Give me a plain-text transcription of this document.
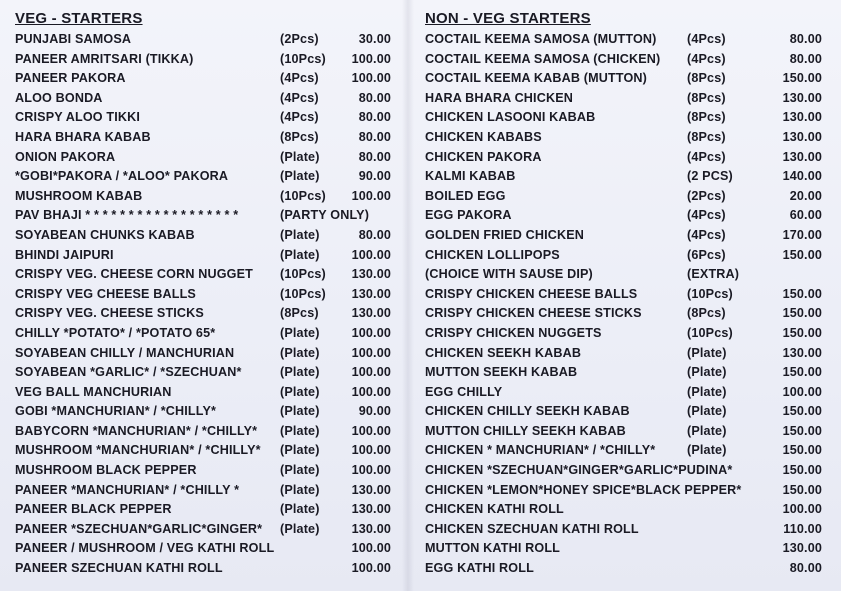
VEG - STARTERS
PUNJABI SAMOSA	(2Pcs)	30.00
PANEER AMRITSARI (TIKKA)	(10Pcs) 100.00
PANEER PAKORA	(4Pcs)	100.00
ALOO BONDA	(4Pcs)	80.00
CRISPY ALOO TIKKI	(4Pcs)	80.00
HARA BHARA KABAB	(8Pcs)	80.00
ONION PAKORA	(Plate)	80.00
*GOBI*PAKORA / *ALOO* PAKORA	(Plate)	90.00
MUSHROOM KABAB	(10Pcs) 100.00
PAV BHAJI * * * * * * * * * * * * * * * * * *	(PARTY ONLY)
SOYABEAN CHUNKS KABAB	(Plate)	80.00
BHINDI JAIPURI	(Plate)	100.00
CRISPY VEG. CHEESE CORN NUGGET (10Pcs) 130.00
CRISPY VEG CHEESE BALLS	(10Pcs) 130.00
CRISPY VEG. CHEESE STICKS	(8Pcs)	130.00
CHILLY *POTATO* / *POTATO 65*	(Plate)	100.00
SOYABEAN CHILLY / MANCHURIAN	(Plate)	100.00
SOYABEAN *GARLIC* / *SZECHUAN*	(Plate)	100.00
VEG BALL MANCHURIAN	(Plate)	100.00
GOBI *MANCHURIAN* / *CHILLY*	(Plate)	90.00
BABYCORN *MANCHURIAN* / *CHILLY* (Plate)	100.00
MUSHROOM *MANCHURIAN* / *CHILLY* (Plate)	100.00
MUSHROOM BLACK PEPPER	(Plate)	100.00
PANEER *MANCHURIAN* / *CHILLY *	(Plate)	130.00
PANEER BLACK PEPPER	(Plate)	130.00
PANEER *SZECHUAN*GARLIC*GINGER* (Plate)	130.00
PANEER / MUSHROOM / VEG KATHI ROLL	100.00
PANEER SZECHUAN KATHI ROLL	100.00
NON - VEG STARTERS
COCTAIL KEEMA SAMOSA (MUTTON) (4Pcs)	80.00
COCTAIL KEEMA SAMOSA (CHICKEN) (4Pcs)	80.00
COCTAIL KEEMA KABAB (MUTTON)	(8Pcs)	150.00
HARA BHARA CHICKEN	(8Pcs)	130.00
CHICKEN LASOONI KABAB	(8Pcs)	130.00
CHICKEN KABABS	(8Pcs)	130.00
CHICKEN PAKORA	(4Pcs)	130.00
KALMI KABAB	(2 PCS)	140.00
BOILED EGG	(2Pcs)	20.00
EGG PAKORA	(4Pcs)	60.00
GOLDEN FRIED CHICKEN	(4Pcs)	170.00
CHICKEN LOLLIPOPS	(6Pcs)	150.00
(CHOICE WITH SAUSE DIP)	(EXTRA)
CRISPY CHICKEN CHEESE BALLS	(10Pcs)	150.00
CRISPY CHICKEN CHEESE STICKS	(8Pcs)	150.00
CRISPY CHICKEN NUGGETS	(10Pcs)	150.00
CHICKEN SEEKH KABAB	(Plate)	130.00
MUTTON SEEKH KABAB	(Plate)	150.00
EGG CHILLY	(Plate)	100.00
CHICKEN CHILLY SEEKH KABAB	(Plate)	150.00
MUTTON CHILLY SEEKH KABAB	(Plate)	150.00
CHICKEN * MANCHURIAN* / *CHILLY*	(Plate)	150.00
CHICKEN *SZECHUAN*GINGER*GARLIC*PUDINA*	150.00
CHICKEN *LEMON*HONEY SPICE*BLACK PEPPER*	150.00
CHICKEN KATHI ROLL	100.00
CHICKEN SZECHUAN KATHI ROLL	110.00
MUTTON KATHI ROLL	130.00
EGG KATHI ROLL	80.00
